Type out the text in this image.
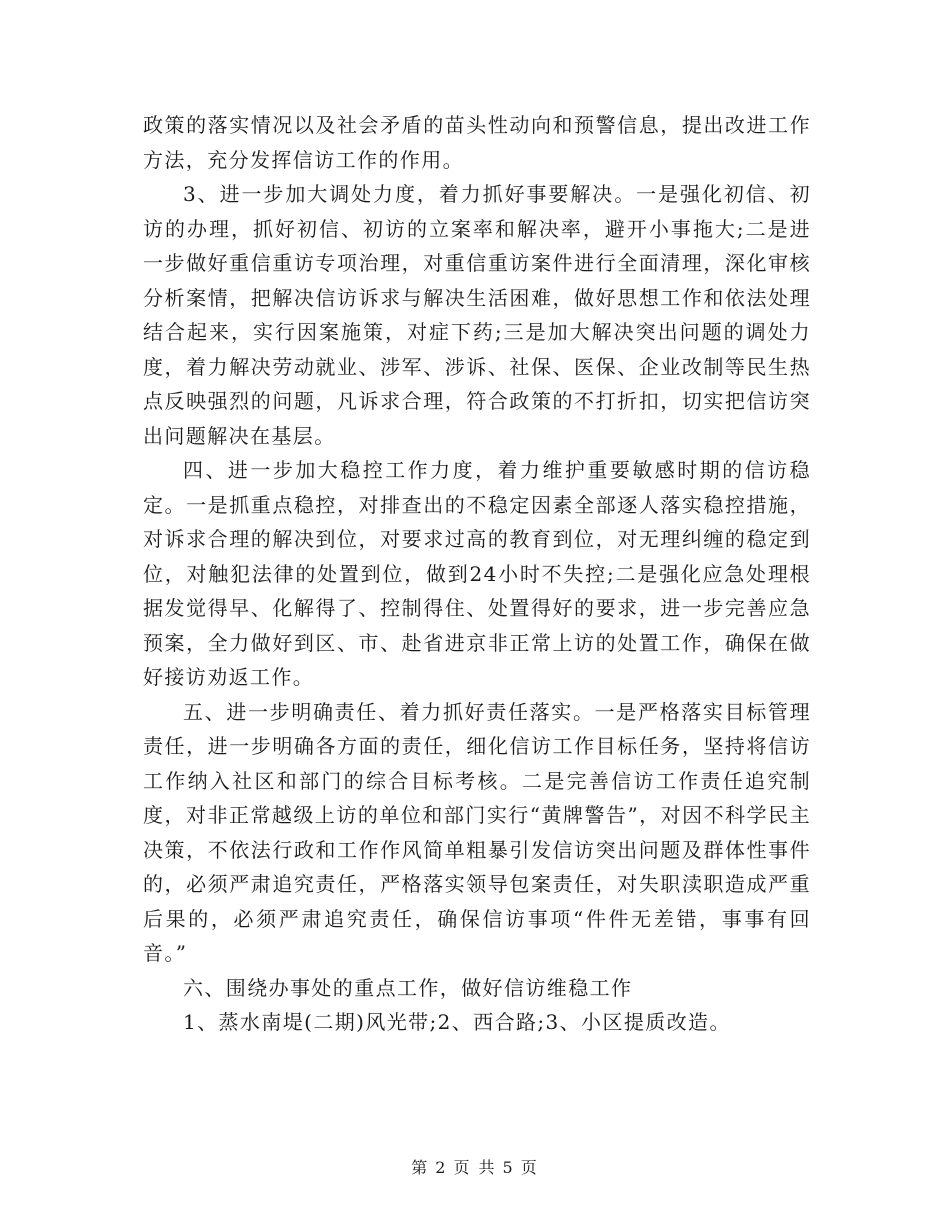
政策的落实情况以及社会矛盾的苗头性动向和预警信息，提出改进工作方法，充分发挥信访工作的作用。

3、进一步加大调处力度，着力抓好事要解决。一是强化初信、初访的办理，抓好初信、初访的立案率和解决率，避开小事拖大;二是进一步做好重信重访专项治理，对重信重访案件进行全面清理，深化审核分析案情，把解决信访诉求与解决生活困难，做好思想工作和依法处理结合起来，实行因案施策，对症下药;三是加大解决突出问题的调处力度，着力解决劳动就业、涉军、涉诉、社保、医保、企业改制等民生热点反映强烈的问题，凡诉求合理，符合政策的不打折扣，切实把信访突出问题解决在基层。

四、进一步加大稳控工作力度，着力维护重要敏感时期的信访稳定。一是抓重点稳控，对排查出的不稳定因素全部逐人落实稳控措施，对诉求合理的解决到位，对要求过高的教育到位，对无理纠缠的稳定到位，对触犯法律的处置到位，做到24小时不失控;二是强化应急处理根据发觉得早、化解得了、控制得住、处置得好的要求，进一步完善应急预案，全力做好到区、市、赴省进京非正常上访的处置工作，确保在做好接访劝返工作。

五、进一步明确责任、着力抓好责任落实。一是严格落实目标管理责任，进一步明确各方面的责任，细化信访工作目标任务，坚持将信访工作纳入社区和部门的综合目标考核。二是完善信访工作责任追究制度，对非正常越级上访的单位和部门实行“黄牌警告”，对因不科学民主决策，不依法行政和工作作风简单粗暴引发信访突出问题及群体性事件的，必须严肃追究责任，严格落实领导包案责任，对失职渎职造成严重后果的，必须严肃追究责任，确保信访事项“件件无差错，事事有回音。”

六、围绕办事处的重点工作，做好信访维稳工作

1、蒸水南堤(二期)风光带;2、西合路;3、小区提质改造。

第 2 页 共 5 页
